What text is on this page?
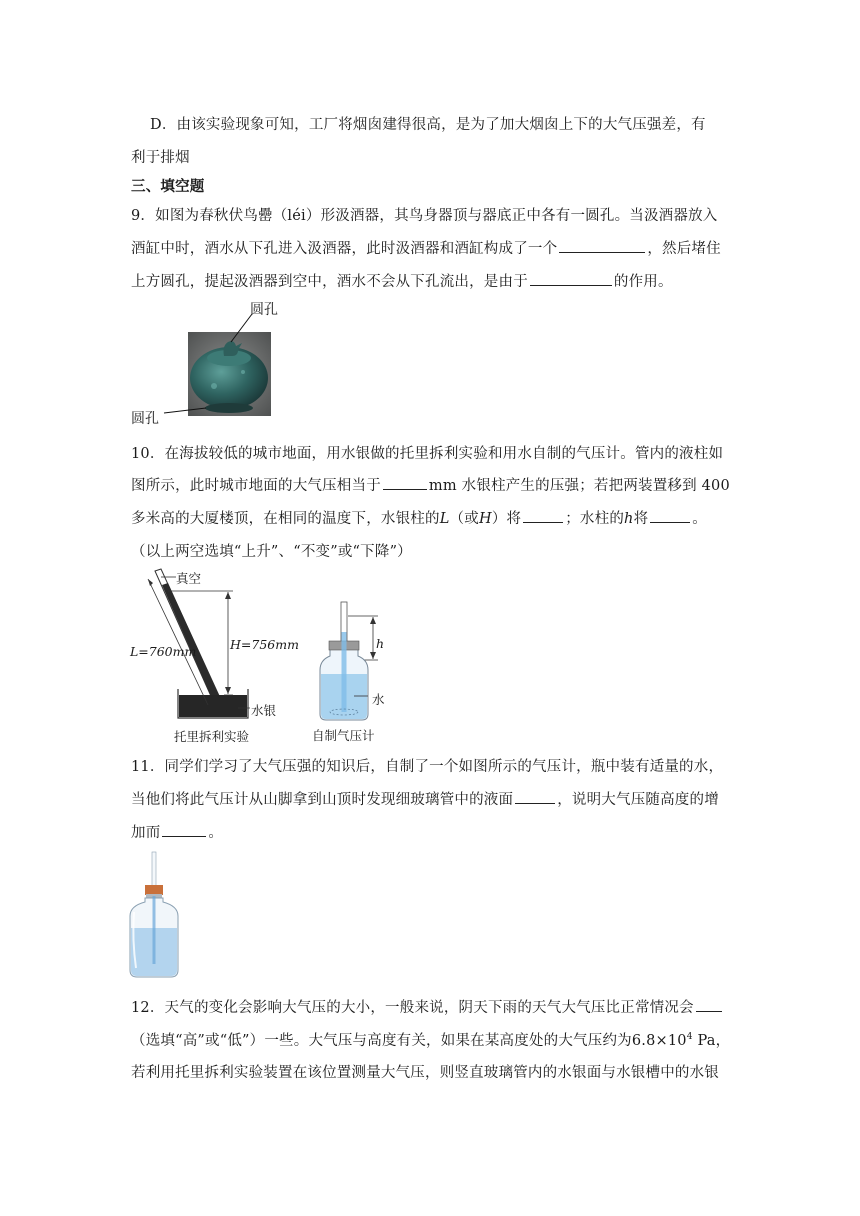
D．由该实验现象可知，工厂将烟囱建得很高，是为了加大烟囱上下的大气压强差，有
利于排烟
三、填空题
9．如图为春秋伏鸟罍（léi）形汲酒器，其鸟身器顶与器底正中各有一圆孔。当汲酒器放入
酒缸中时，酒水从下孔进入汲酒器，此时汲酒器和酒缸构成了一个	，然后堵住
上方圆孔，提起汲酒器到空中，酒水不会从下孔流出，是由于	的作用。
圆孔
圆孔
10．在海拔较低的城市地面，用水银做的托里拆利实验和用水自制的气压计。管内的液柱如
图所示，此时城市地面的大气压相当于	mm 水银柱产生的压强；若把两装置移到 400
多米高的大厦楼顶，在相同的温度下，水银柱的L（或H）将	；水柱的h将	。
（以上两空选填“上升”、“不变”或“下降”）
真空
L=760mm	H=756mm
水银
托里拆利实验
h
水
自制气压计
11．同学们学习了大气压强的知识后，自制了一个如图所示的气压计，瓶中装有适量的水，
当他们将此气压计从山脚拿到山顶时发现细玻璃管中的液面	，说明大气压随高度的增
加而	。
12．天气的变化会影响大气压的大小，一般来说，阴天下雨的天气大气压比正常情况会
（选填“高”或“低”）一些。大气压与高度有关，如果在某高度处的大气压约为$6.8\times 10^4$ Pa，
若利用托里拆利实验装置在该位置测量大气压，则竖直玻璃管内的水银面与水银槽中的水银
